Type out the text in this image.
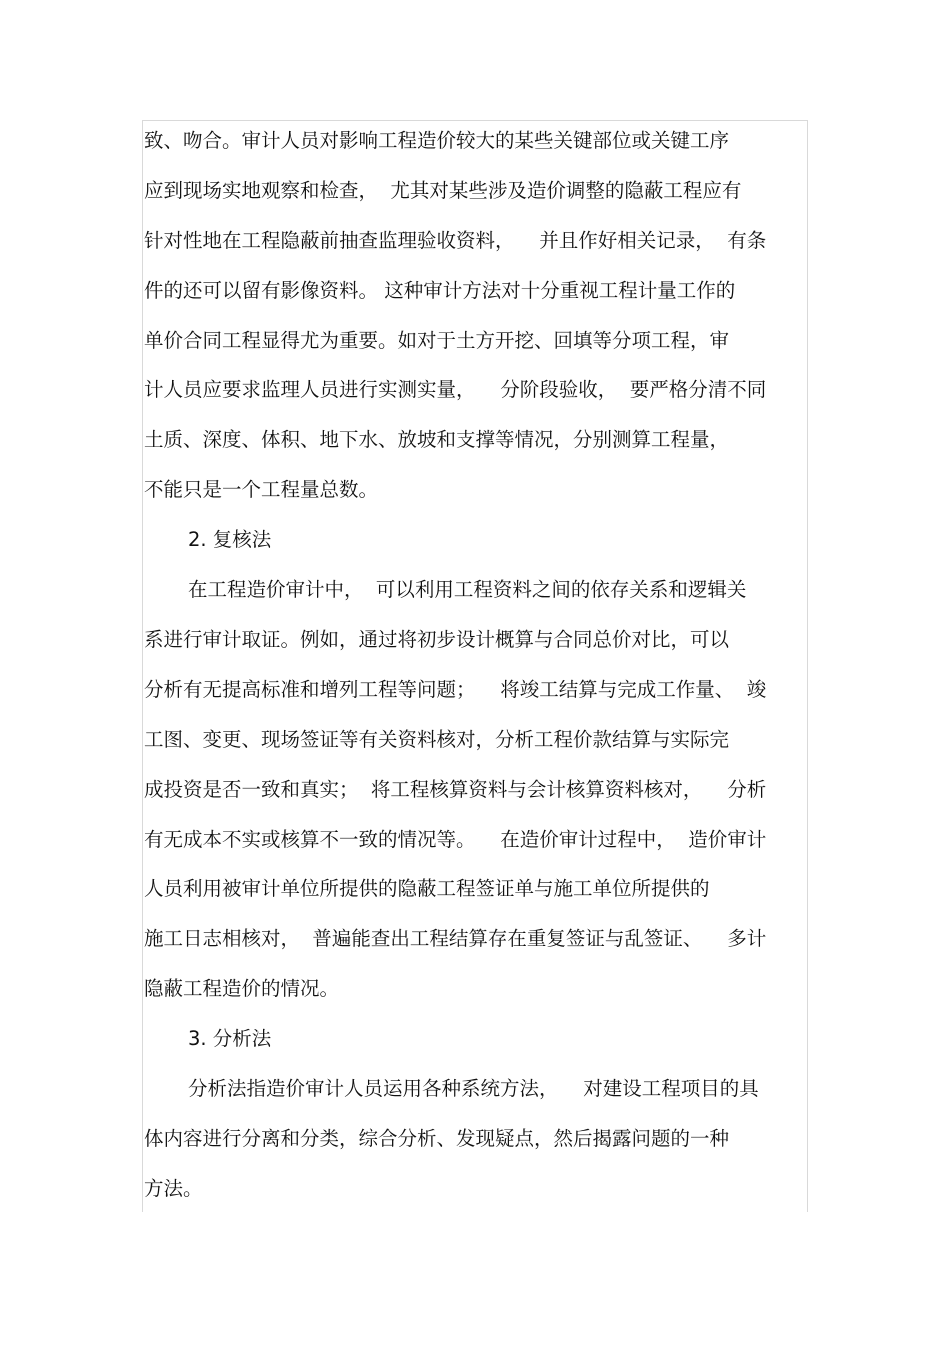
致、吻合。审计人员对影响工程造价较大的某些关键部位或关键工序
应到现场实地观察和检查，  尤其对某些涉及造价调整的隐蔽工程应有
针对性地在工程隐蔽前抽查监理验收资料，    并且作好相关记录，  有条
件的还可以留有影像资料。 这种审计方法对十分重视工程计量工作的
单价合同工程显得尤为重要。如对于土方开挖、回填等分项工程，审
计人员应要求监理人员进行实测实量，    分阶段验收，  要严格分清不同
土质、深度、体积、地下水、放坡和支撑等情况，分别测算工程量，
不能只是一个工程量总数。
2. 复核法
在工程造价审计中，  可以利用工程资料之间的依存关系和逻辑关
系进行审计取证。例如，通过将初步设计概算与合同总价对比，可以
分析有无提高标准和增列工程等问题；    将竣工结算与完成工作量、  竣
工图、变更、现场签证等有关资料核对，分析工程价款结算与实际完
成投资是否一致和真实；  将工程核算资料与会计核算资料核对，    分析
有无成本不实或核算不一致的情况等。    在造价审计过程中，  造价审计
人员利用被审计单位所提供的隐蔽工程签证单与施工单位所提供的
施工日志相核对，  普遍能查出工程结算存在重复签证与乱签证、    多计
隐蔽工程造价的情况。
3. 分析法
分析法指造价审计人员运用各种系统方法，    对建设工程项目的具
体内容进行分离和分类，综合分析、发现疑点，然后揭露问题的一种
方法。
